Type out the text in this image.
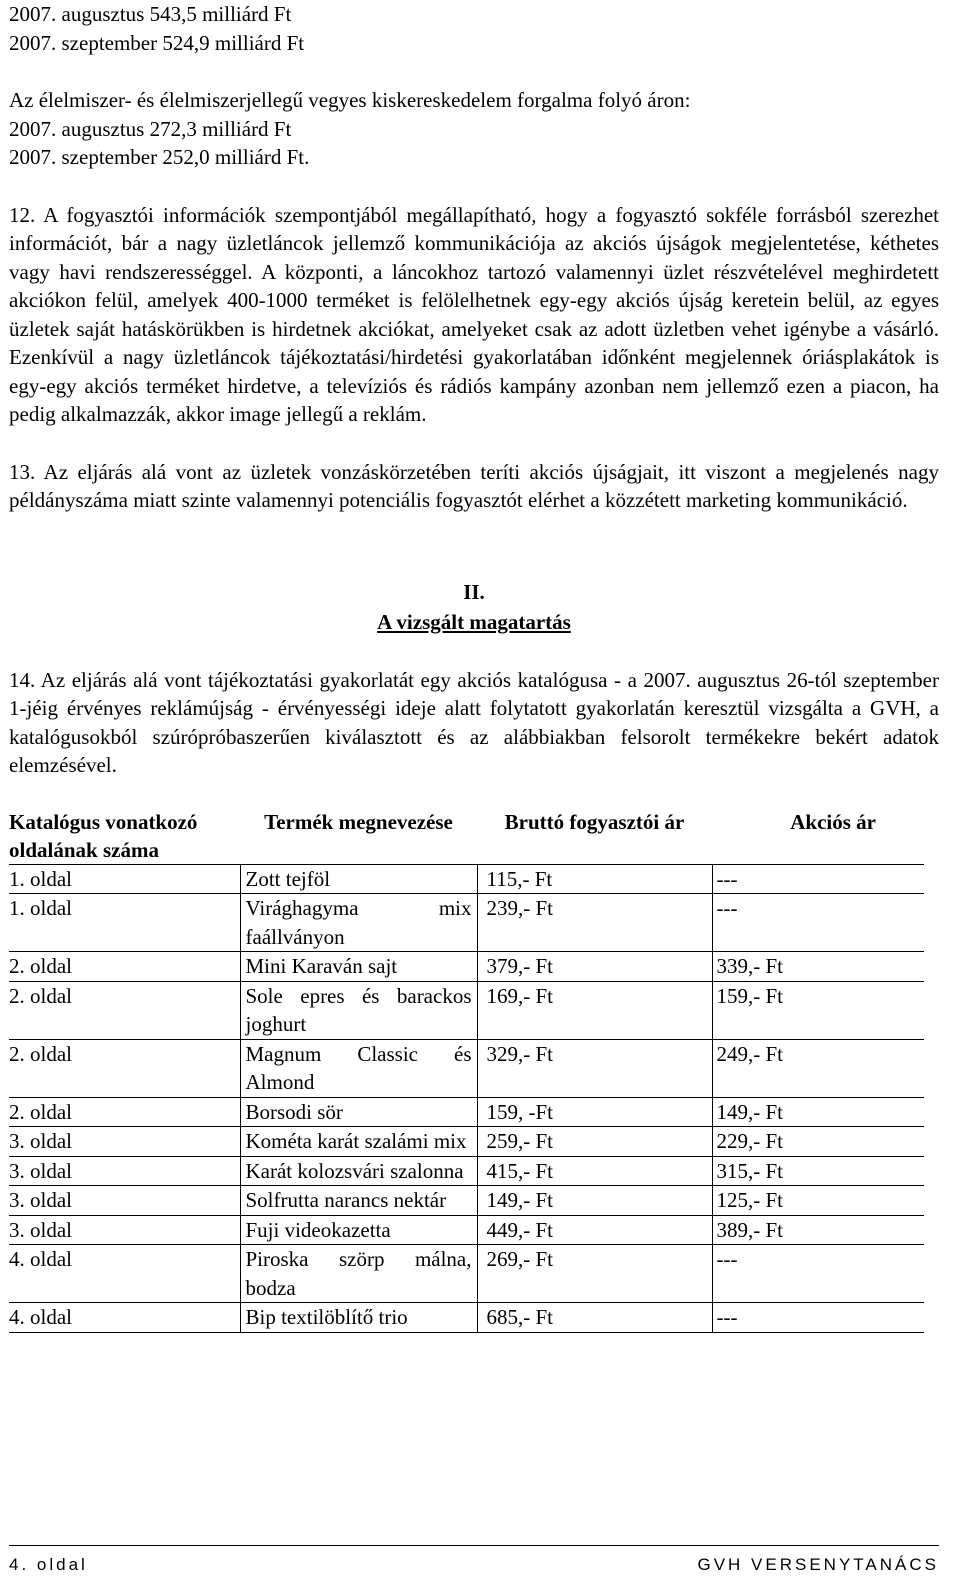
2007. augusztus 543,5 milliárd Ft
2007. szeptember 524,9 milliárd Ft
Az élelmiszer- és élelmiszerjellegű vegyes kiskereskedelem forgalma folyó áron:
2007. augusztus 272,3 milliárd Ft
2007. szeptember 252,0 milliárd Ft.

12. A fogyasztói információk szempontjából megállapítható, hogy a fogyasztó sokféle forrásból szerezhet információt, bár a nagy üzletláncok jellemző kommunikációja az akciós újságok megjelentetése, kéthetes vagy havi rendszerességgel. A központi, a láncokhoz tartozó valamennyi üzlet részvételével meghirdetett akciókon felül, amelyek 400-1000 terméket is felölelhetnek egy-egy akciós újság keretein belül, az egyes üzletek saját hatáskörükben is hirdetnek akciókat, amelyeket csak az adott üzletben vehet igénybe a vásárló. Ezenkívül a nagy üzletláncok tájékoztatási/hirdetési gyakorlatában időnként megjelennek óriásplakátok is egy-egy akciós terméket hirdetve, a televíziós és rádiós kampány azonban nem jellemző ezen a piacon, ha pedig alkalmazzák, akkor image jellegű a reklám.

13. Az eljárás alá vont az üzletek vonzáskörzetében teríti akciós újságjait, itt viszont a megjelenés nagy példányszáma miatt szinte valamennyi potenciális fogyasztót elérhet a közzétett marketing kommunikáció.

II.
A vizsgált magatartás

14. Az eljárás alá vont tájékoztatási gyakorlatát egy akciós katalógusa - a 2007. augusztus 26-tól szeptember 1-jéig érvényes reklámújság - érvényességi ideje alatt folytatott gyakorlatán keresztül vizsgálta a GVH, a katalógusokból szúrópróbaszerűen kiválasztott és az alábbiakban felsorolt termékekre bekért adatok elemzésével.

Katalógus vonatkozó oldalának száma	Termék megnevezése	Bruttó fogyasztói ár	Akciós ár
1. oldal	Zott tejföl	115,- Ft	---
1. oldal	Virághagyma mix faállványon	239,- Ft	---
2. oldal	Mini Karaván sajt	379,- Ft	339,- Ft
2. oldal	Sole epres és barackos joghurt	169,- Ft	159,- Ft
2. oldal	Magnum Classic és Almond	329,- Ft	249,- Ft
2. oldal	Borsodi sör	159, -Ft	149,- Ft
3. oldal	Kométa karát szalámi mix	259,- Ft	229,- Ft
3. oldal	Karát kolozsvári szalonna	415,- Ft	315,- Ft
3. oldal	Solfrutta narancs nektár	149,- Ft	125,- Ft
3. oldal	Fuji videokazetta	449,- Ft	389,- Ft
4. oldal	Piroska szörp málna, bodza	269,- Ft	---
4. oldal	Bip textilöblítő trio	685,- Ft	---
4. oldal	GVH VERSENYTANÁCS
